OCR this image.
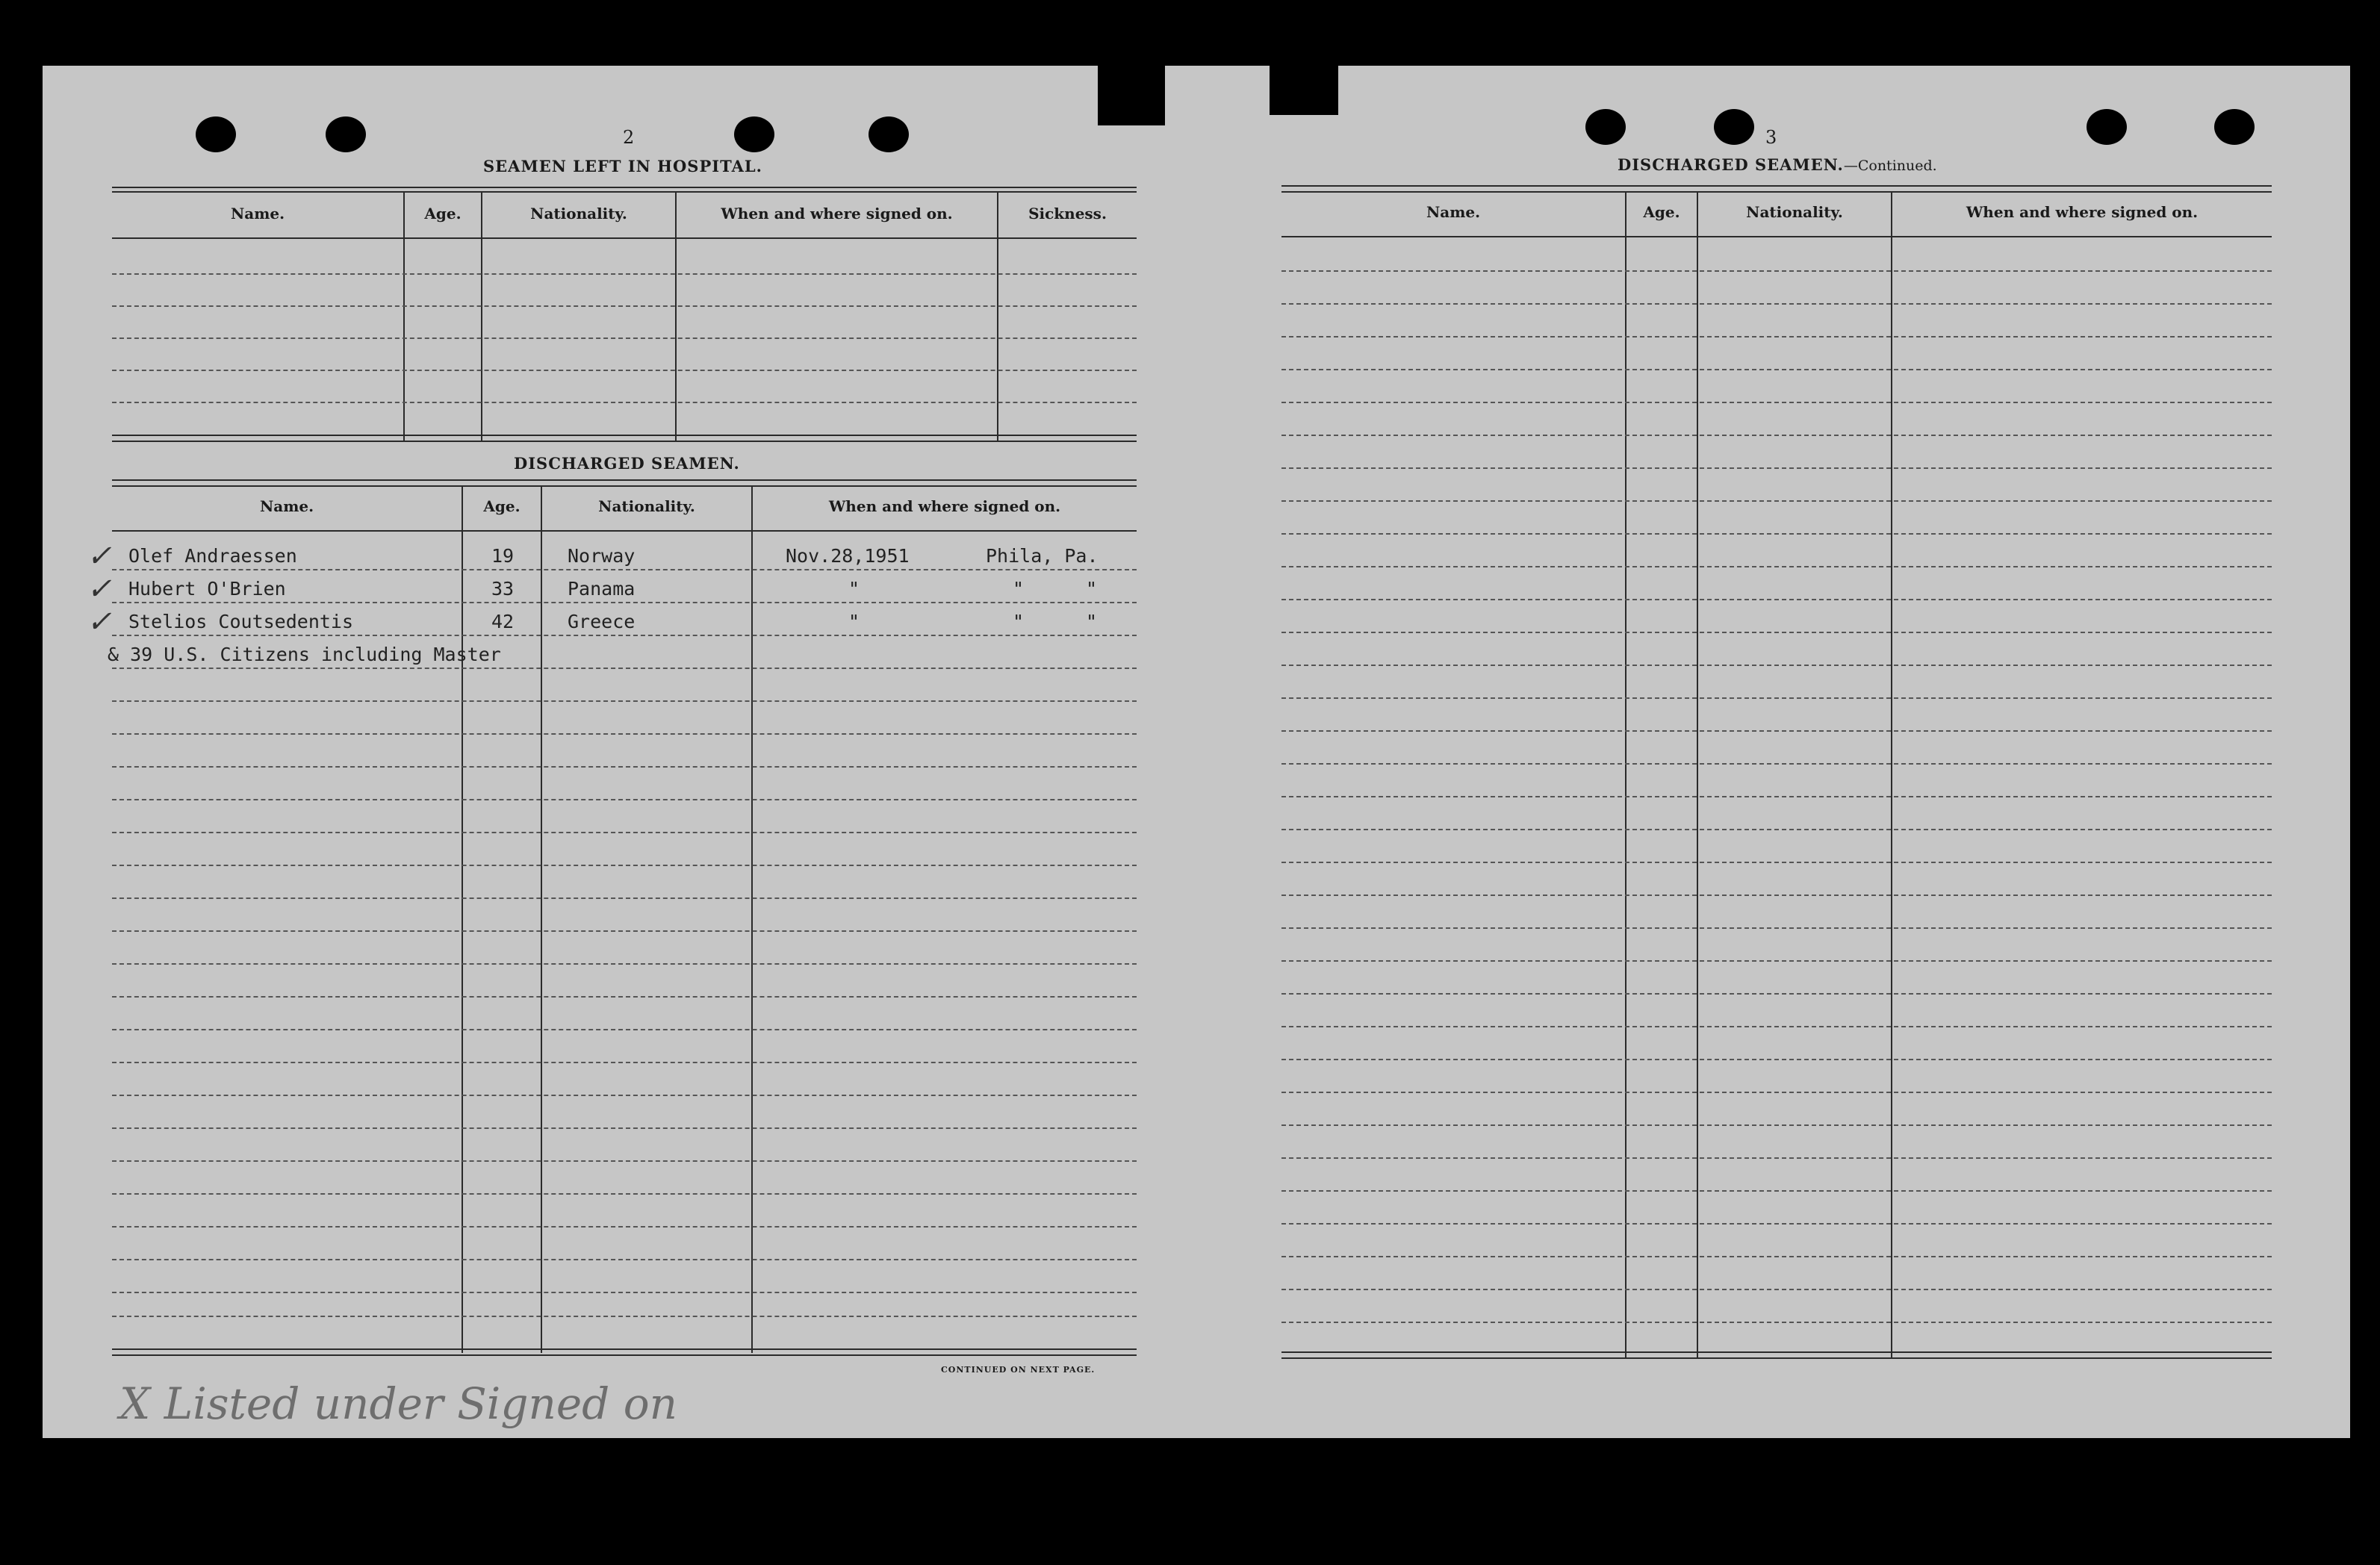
2
SEAMEN LEFT IN HOSPITAL.
Name.	Age.	Nationality.	When and where signed on.	Sickness.
DISCHARGED SEAMEN.
Name.	Age.	Nationality.	When and where signed on.
✓ Olef Andraessen	19	Norway	Nov.28,1951	Phila, Pa.
✓ Hubert O'Brien	33	Panama	"	"	"
✓ Stelios Coutsedentis	42	Greece	"	"	"
& 39 U.S. Citizens including Master
CONTINUED ON NEXT PAGE.
X Listed under Signed on
3
DISCHARGED SEAMEN.—Continued.
Name.	Age.	Nationality.	When and where signed on.
